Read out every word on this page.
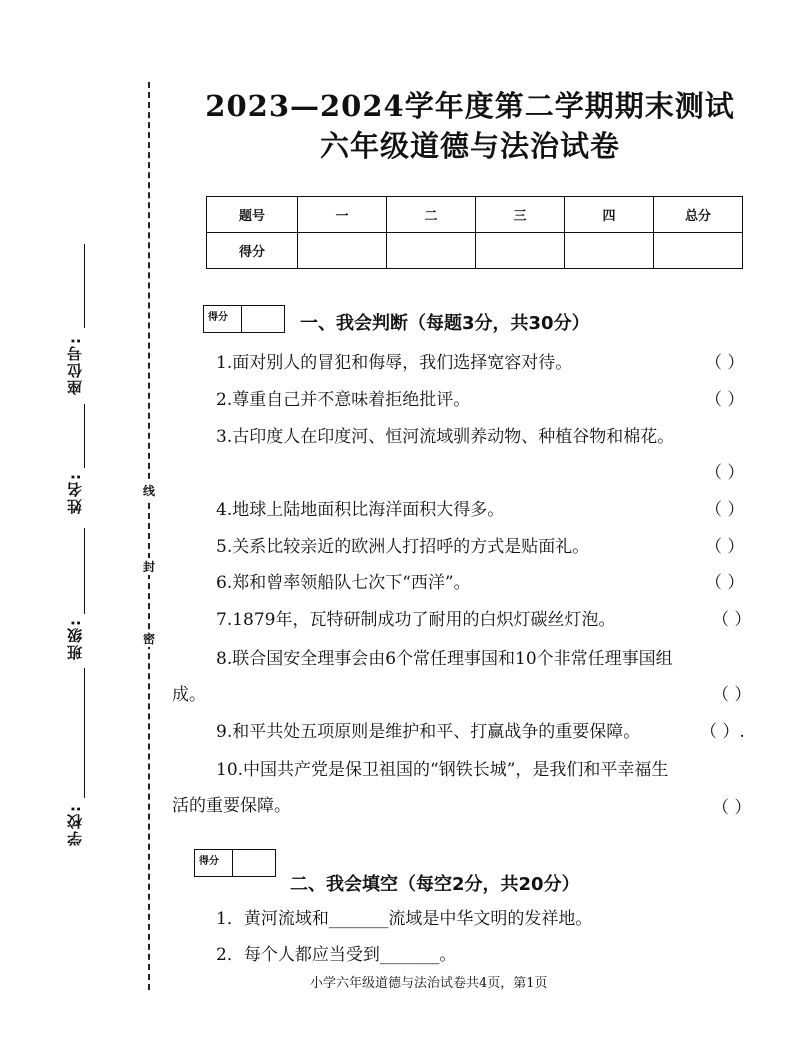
座位号:
姓名:
班级:
学校:
线
封
密
2023—2024学年度第二学期期末测试
六年级道德与法治试卷
题号	一	二	三	四	总分
得分					
得分	一、我会判断（每题3分，共30分）
1.面对别人的冒犯和侮辱，我们选择宽容对待。	（ ）
2.尊重自己并不意味着拒绝批评。	（ ）
3.古印度人在印度河、恒河流域驯养动物、种植谷物和棉花。
（ ）
4.地球上陆地面积比海洋面积大得多。	（ ）
5.关系比较亲近的欧洲人打招呼的方式是贴面礼。	（ ）
6.郑和曾率领船队七次下“西洋”。	（ ）
7.1879年，瓦特研制成功了耐用的白炽灯碳丝灯泡。	（ ）
8.联合国安全理事会由6个常任理事国和10个非常任理事国组
成。	（ ）
9.和平共处五项原则是维护和平、打赢战争的重要保障。	（ ）.
10.中国共产党是保卫祖国的“钢铁长城”，是我们和平幸福生
活的重要保障。	（ ）
得分
二、我会填空（每空2分，共20分）
1．黄河流域和_______流域是中华文明的发祥地。
2．每个人都应当受到_______。
小学六年级道德与法治试卷共4页，第1页
